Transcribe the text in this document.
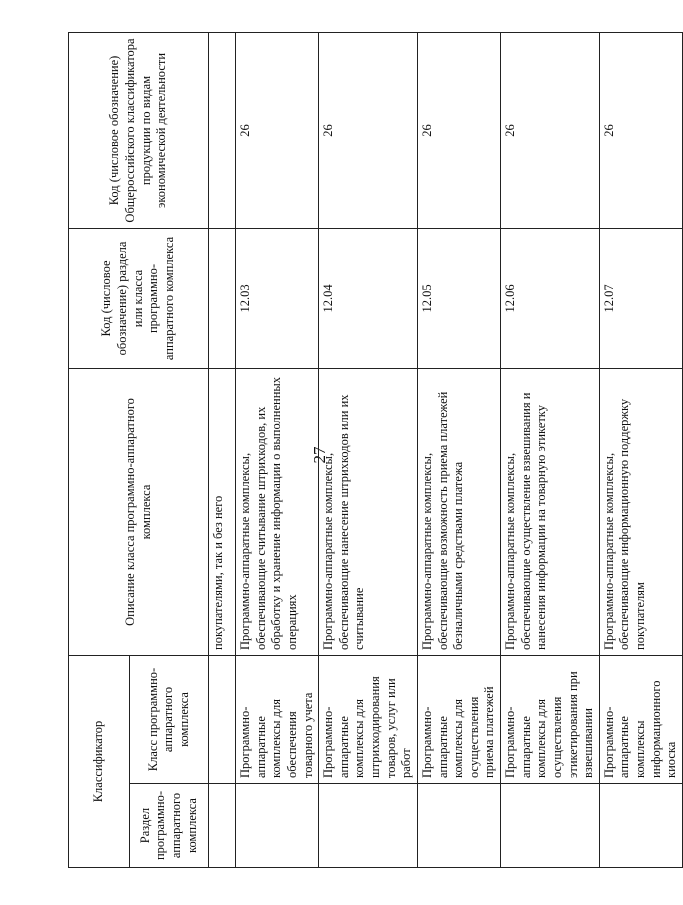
27
Классификатор		Описание класса программно-аппаратного комплекса	Код (числовое обозначение) раздела или класса программно-аппаратного комплекса	Код (числовое обозначение) Общероссийского классификатора продукции по видам экономической деятельности
Раздел программно-аппаратного комплекса	Класс программно-аппаратного комплекса			
		покупателями, так и без него		
	Программно-аппаратные комплексы для обеспечения товарного учета	Программно-аппаратные комплексы, обеспечивающие считывание штрихкодов, их обработку и хранение информации о выполненных операциях	12.03	26
	Программно-аппаратные комплексы для штрихкодирования товаров, услуг или работ	Программно-аппаратные комплексы, обеспечивающие нанесение штрихкодов или их считывание	12.04	26
	Программно-аппаратные комплексы для осуществления приема платежей	Программно-аппаратные комплексы, обеспечивающие возможность приема платежей безналичными средствами платежа	12.05	26
	Программно-аппаратные комплексы для осуществления этикетирования при взвешивании	Программно-аппаратные комплексы, обеспечивающие осуществление взвешивания и нанесения информации на товарную этикетку	12.06	26
	Программно-аппаратные комплексы информационного киоска	Программно-аппаратные комплексы, обеспечивающие информационную поддержку покупателям	12.07	26
